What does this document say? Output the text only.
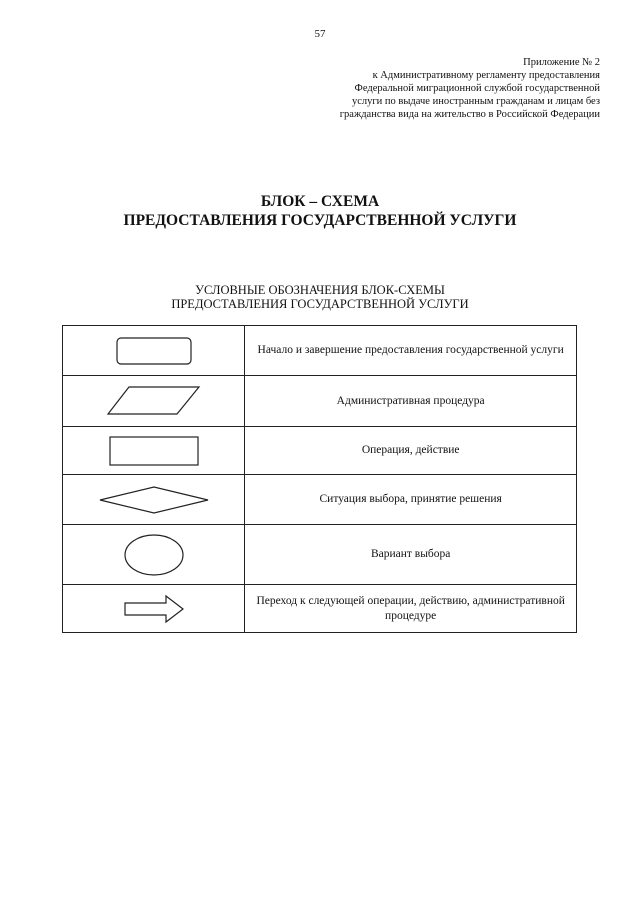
57
Приложение № 2
к Административному регламенту предоставления
Федеральной миграционной службой государственной
услуги по выдаче иностранным гражданам и лицам без
гражданства вида на жительство в Российской Федерации
БЛОК – СХЕМА
ПРЕДОСТАВЛЕНИЯ ГОСУДАРСТВЕННОЙ УСЛУГИ
УСЛОВНЫЕ ОБОЗНАЧЕНИЯ БЛОК-СХЕМЫ
ПРЕДОСТАВЛЕНИЯ ГОСУДАРСТВЕННОЙ УСЛУГИ
	Начало и завершение предоставления государственной услуги

	Административная процедура

	Операция, действие

	Ситуация выбора, принятие решения

	Вариант выбора

	Переход к следующей операции, действию, административной процедуре
